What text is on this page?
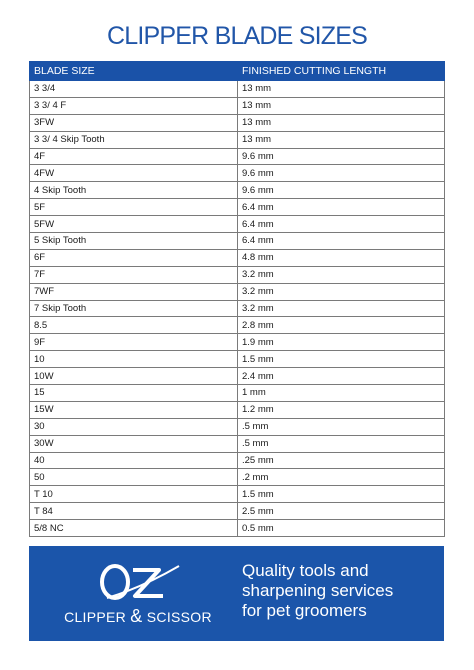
CLIPPER BLADE SIZES
BLADE SIZE	FINISHED CUTTING LENGTH
3 3/4	13 mm
3 3/ 4 F	13 mm
3FW	13 mm
3 3/ 4 Skip Tooth	13 mm
4F	9.6 mm
4FW	9.6 mm
4 Skip Tooth	9.6 mm
5F	6.4 mm
5FW	6.4 mm
5 Skip Tooth	6.4 mm
6F	4.8 mm
7F	3.2 mm
7WF	3.2 mm
7 Skip Tooth	3.2 mm
8.5	2.8 mm
9F	1.9 mm
10	1.5 mm
10W	2.4 mm
15	1 mm
15W	1.2 mm
30	.5 mm
30W	.5 mm
40	.25 mm
50	.2 mm
T 10	1.5 mm
T 84	2.5 mm
5/8 NC	0.5 mm
CLIPPER & SCISSOR
Quality tools and
sharpening services
for pet groomers
